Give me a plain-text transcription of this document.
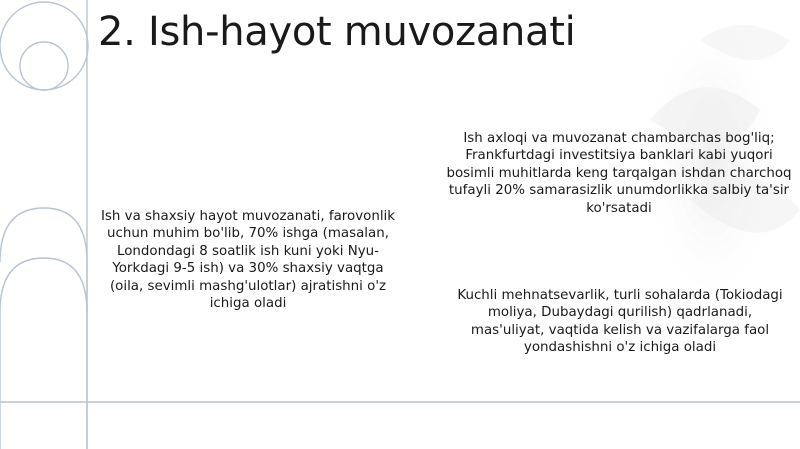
2. Ish-hayot muvozanati

Ish va shaxsiy hayot muvozanati, farovonlik uchun muhim bo'lib, 70% ishga (masalan, Londondagi 8 soatlik ish kuni yoki Nyu-Yorkdagi 9-5 ish) va 30% shaxsiy vaqtga (oila, sevimli mashg'ulotlar) ajratishni o'z ichiga oladi

Ish axloqi va muvozanat chambarchas bog'liq; Frankfurtdagi investitsiya banklari kabi yuqori bosimli muhitlarda keng tarqalgan ishdan charchoq tufayli 20% samarasizlik unumdorlikka salbiy ta'sir ko'rsatadi

Kuchli mehnatsevarlik, turli sohalarda (Tokiodagi moliya, Dubaydagi qurilish) qadrlanadi, mas'uliyat, vaqtida kelish va vazifalarga faol yondashishni o'z ichiga oladi
